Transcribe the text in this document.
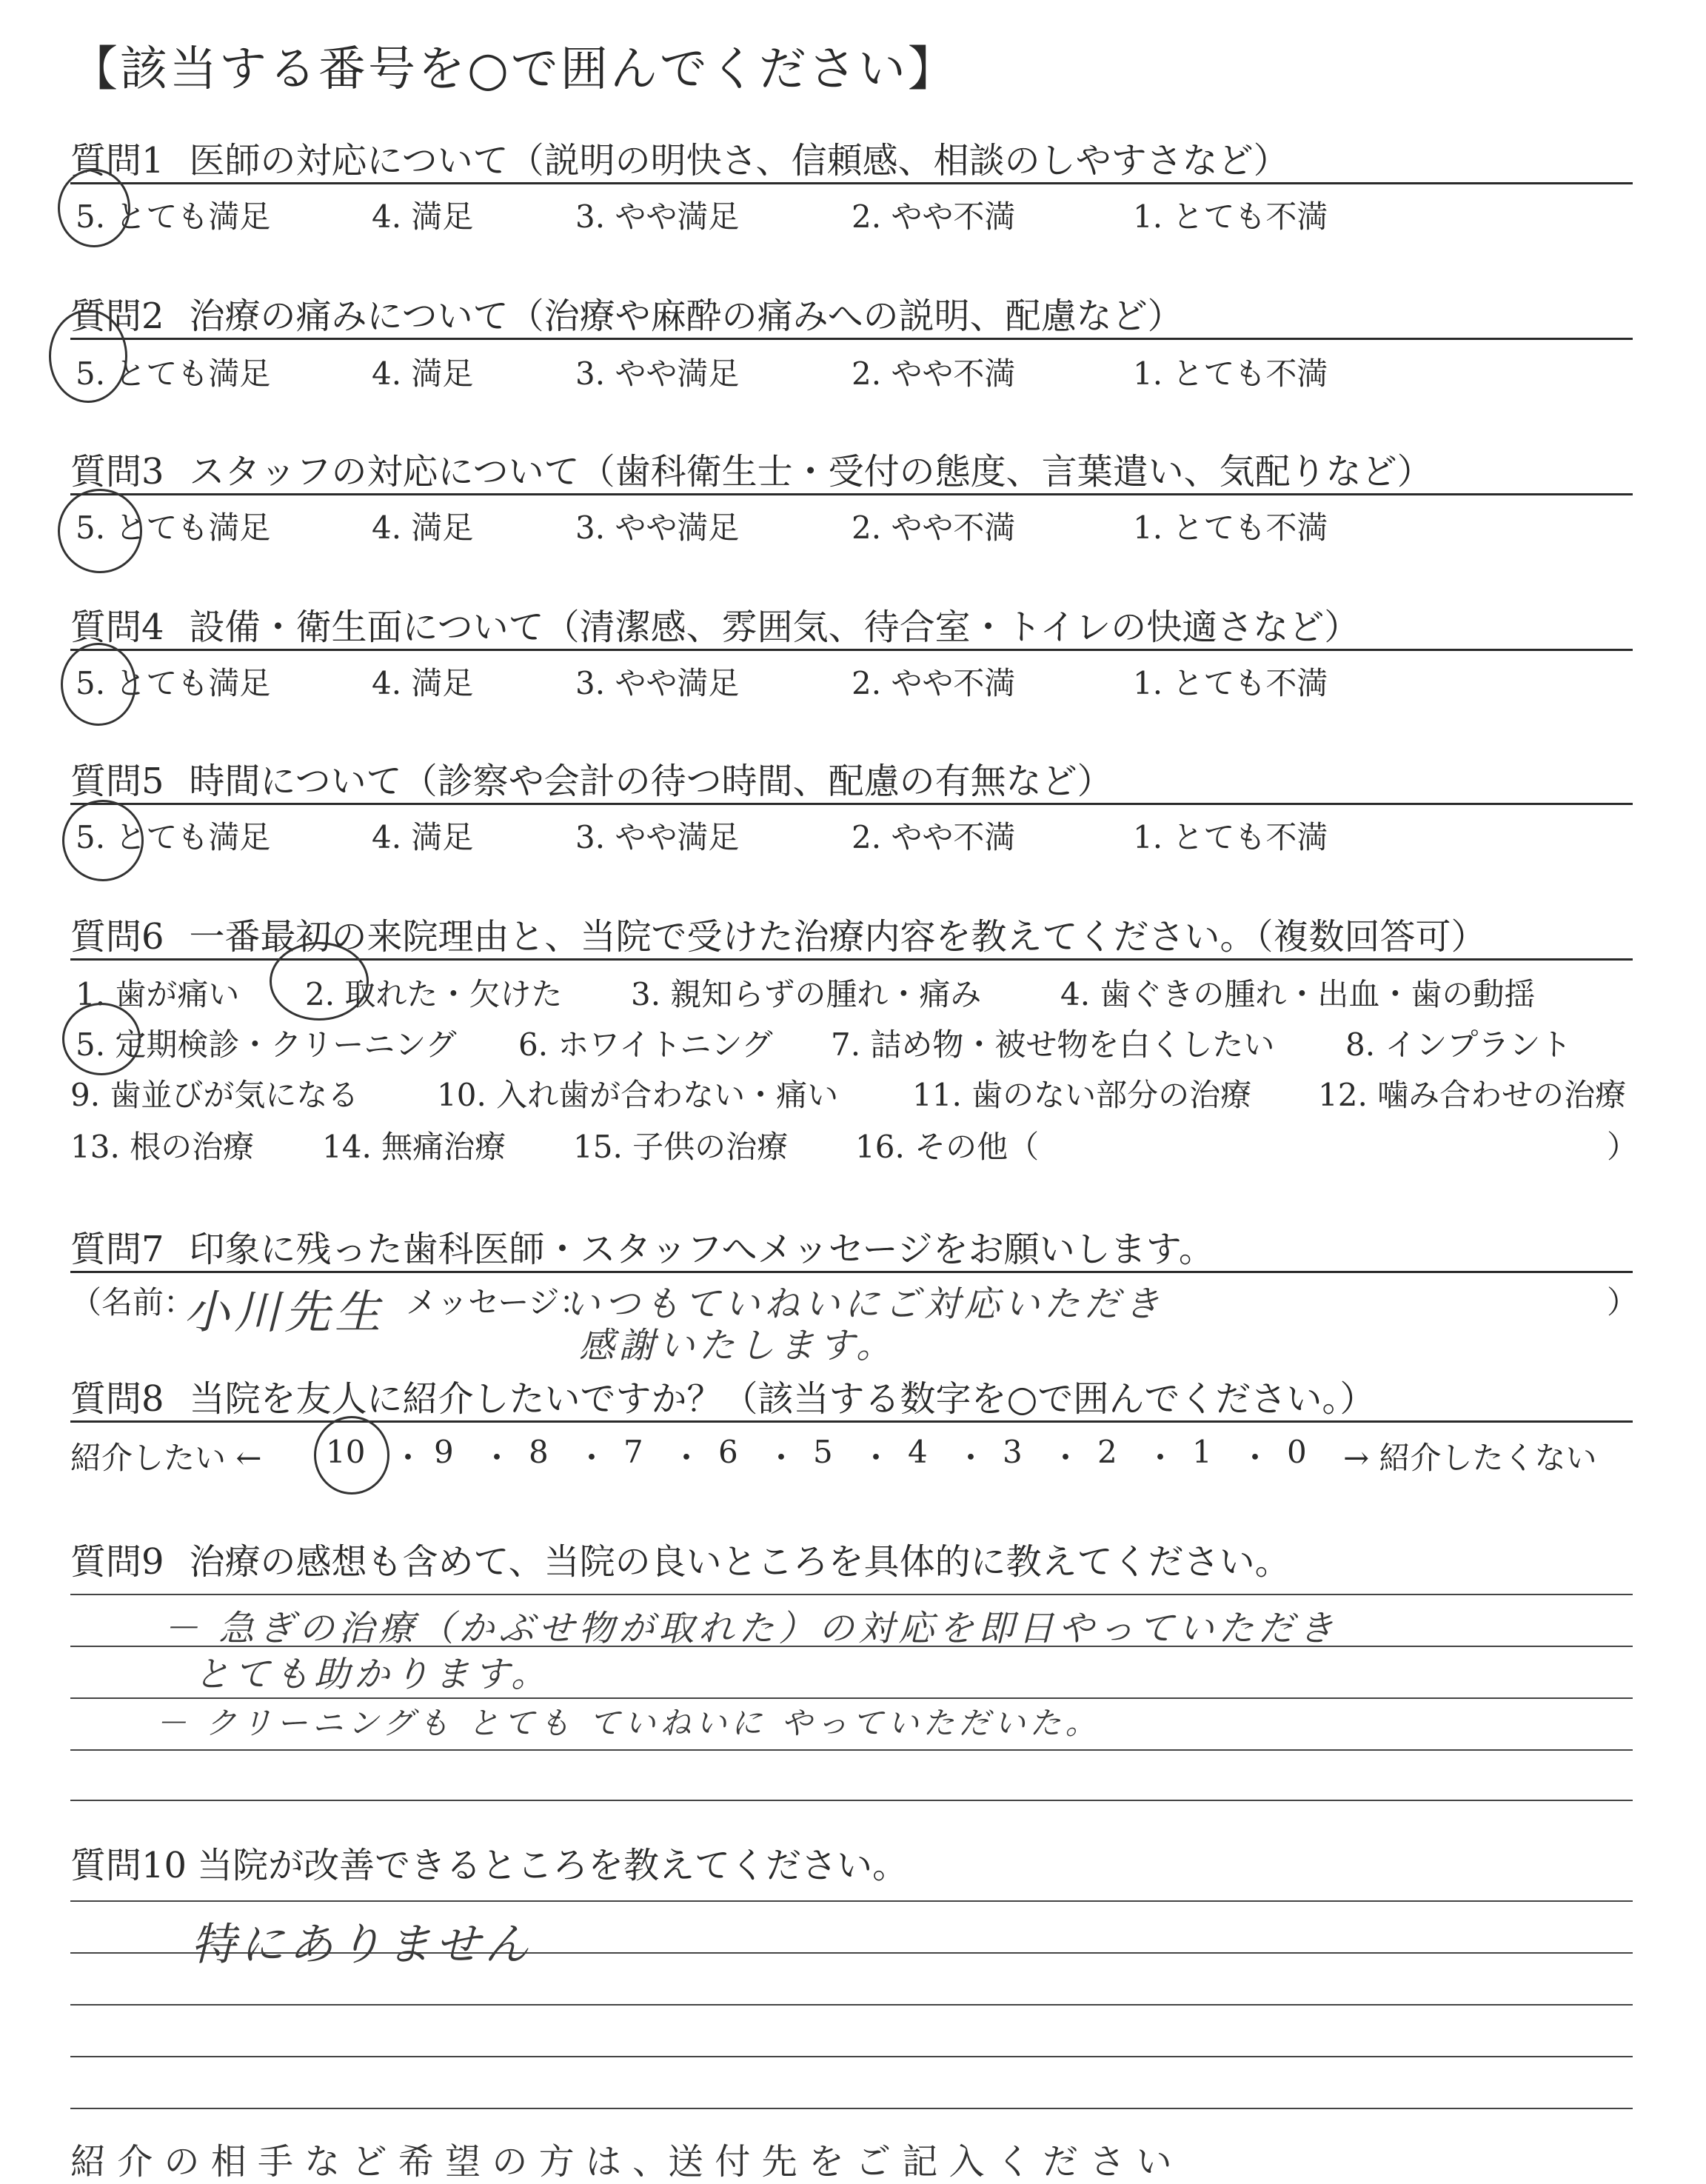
【該当する番号を○で囲んでください】
質問1 医師の対応について（説明の明快さ、信頼感、相談のしやすさなど）
5. とても満足	4. 満足	3. やや満足	2. やや不満	1. とても不満
質問2 治療の痛みについて（治療や麻酔の痛みへの説明、配慮など）
5. とても満足	4. 満足	3. やや満足	2. やや不満	1. とても不満
質問3 スタッフの対応について（歯科衛生士・受付の態度、言葉遣い、気配りなど）
5. とても満足	4. 満足	3. やや満足	2. やや不満	1. とても不満
質問4 設備・衛生面について（清潔感、雰囲気、待合室・トイレの快適さなど）
5. とても満足	4. 満足	3. やや満足	2. やや不満	1. とても不満
質問5 時間について（診察や会計の待つ時間、配慮の有無など）
5. とても満足	4. 満足	3. やや満足	2. やや不満	1. とても不満
質問6 一番最初の来院理由と、当院で受けた治療内容を教えてください。（複数回答可）
1. 歯が痛い 2. 取れた・欠けた 3. 親知らずの腫れ・痛み	4. 歯ぐきの腫れ・出血・歯の動揺
5. 定期検診・クリーニング 6. ホワイトニング 7. 詰め物・被せ物を白くしたい 8. インプラント
9. 歯並びが気になる	10. 入れ歯が合わない・痛い 11. 歯のない部分の治療 12. 噛み合わせの治療
13. 根の治療 14. 無痛治療 15. 子供の治療 16. その他（	）
質問7 印象に残った歯科医師・スタッフへメッセージをお願いします。
（名前：
小川先生 メッセージ：
いつもていねいにご対応いただき
感謝いたします。
）
質問8 当院を友人に紹介したいですか？（該当する数字を○で囲んでください。）
紹介したい ← 10 ・ 9 ・ 8 ・ 7 ・ 6 ・ 5 ・ 4 ・ 3 ・ 2 ・ 1 ・ 0 → 紹介したくない
質問9 治療の感想も含めて、当院の良いところを具体的に教えてください。
－ 急ぎの治療（かぶせ物が取れた）の対応を即日やっていただき
とても助かります。
－ クリーニングも とても ていねいに やっていただいた。
質問10 当院が改善できるところを教えてください。
特にありません
紹 介 の 相 手 な ど 希 望 の 方 は 、送 付 先 を ご 記 入 く だ さ い
